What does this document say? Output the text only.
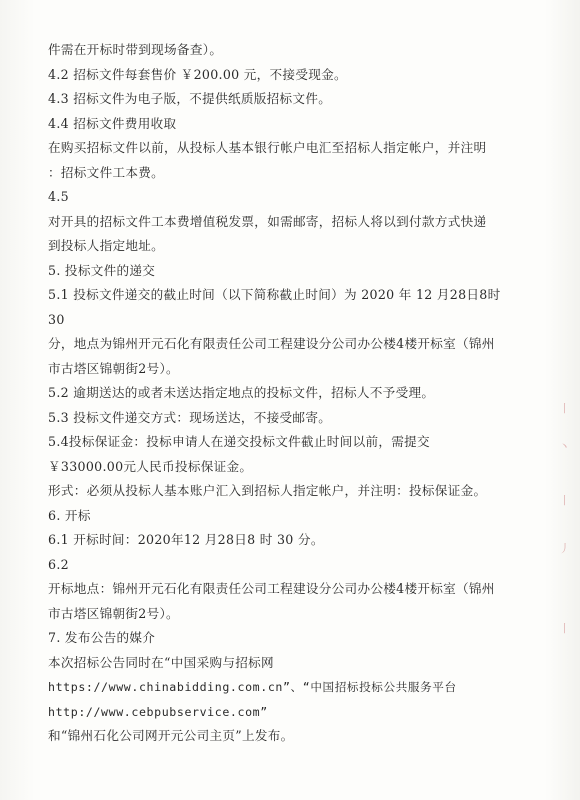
件需在开标时带到现场备查）。
4.2 招标文件每套售价 ￥200.00 元，不接受现金。
4.3 招标文件为电子版，不提供纸质版招标文件。
4.4 招标文件费用收取
在购买招标文件以前，从投标人基本银行帐户电汇至招标人指定帐户，并注明
：招标文件工本费。
4.5
对开具的招标文件工本费增值税发票，如需邮寄，招标人将以到付款方式快递
到投标人指定地址。
5. 投标文件的递交
5.1 投标文件递交的截止时间（以下简称截止时间）为 2020 年 12 月28日8时
30
分，地点为锦州开元石化有限责任公司工程建设分公司办公楼4楼开标室（锦州
市古塔区锦朝街2号）。
5.2 逾期送达的或者未送达指定地点的投标文件，招标人不予受理。
5.3 投标文件递交方式：现场送达，不接受邮寄。
5.4投标保证金：投标申请人在递交投标文件截止时间以前，需提交
￥33000.00元人民币投标保证金。
形式：必须从投标人基本账户汇入到招标人指定帐户，并注明：投标保证金。
6. 开标
6.1 开标时间：2020年12 月28日8 时 30 分。
6.2
开标地点：锦州开元石化有限责任公司工程建设分公司办公楼4楼开标室（锦州
市古塔区锦朝街2号）。
7. 发布公告的媒介
本次招标公告同时在“中国采购与招标网
https://www.chinabidding.com.cn”、“中国招标投标公共服务平台
http://www.cebpubservice.com”
和“锦州石化公司网开元公司主页”上发布。
丨
丶
丨
丿
丨
